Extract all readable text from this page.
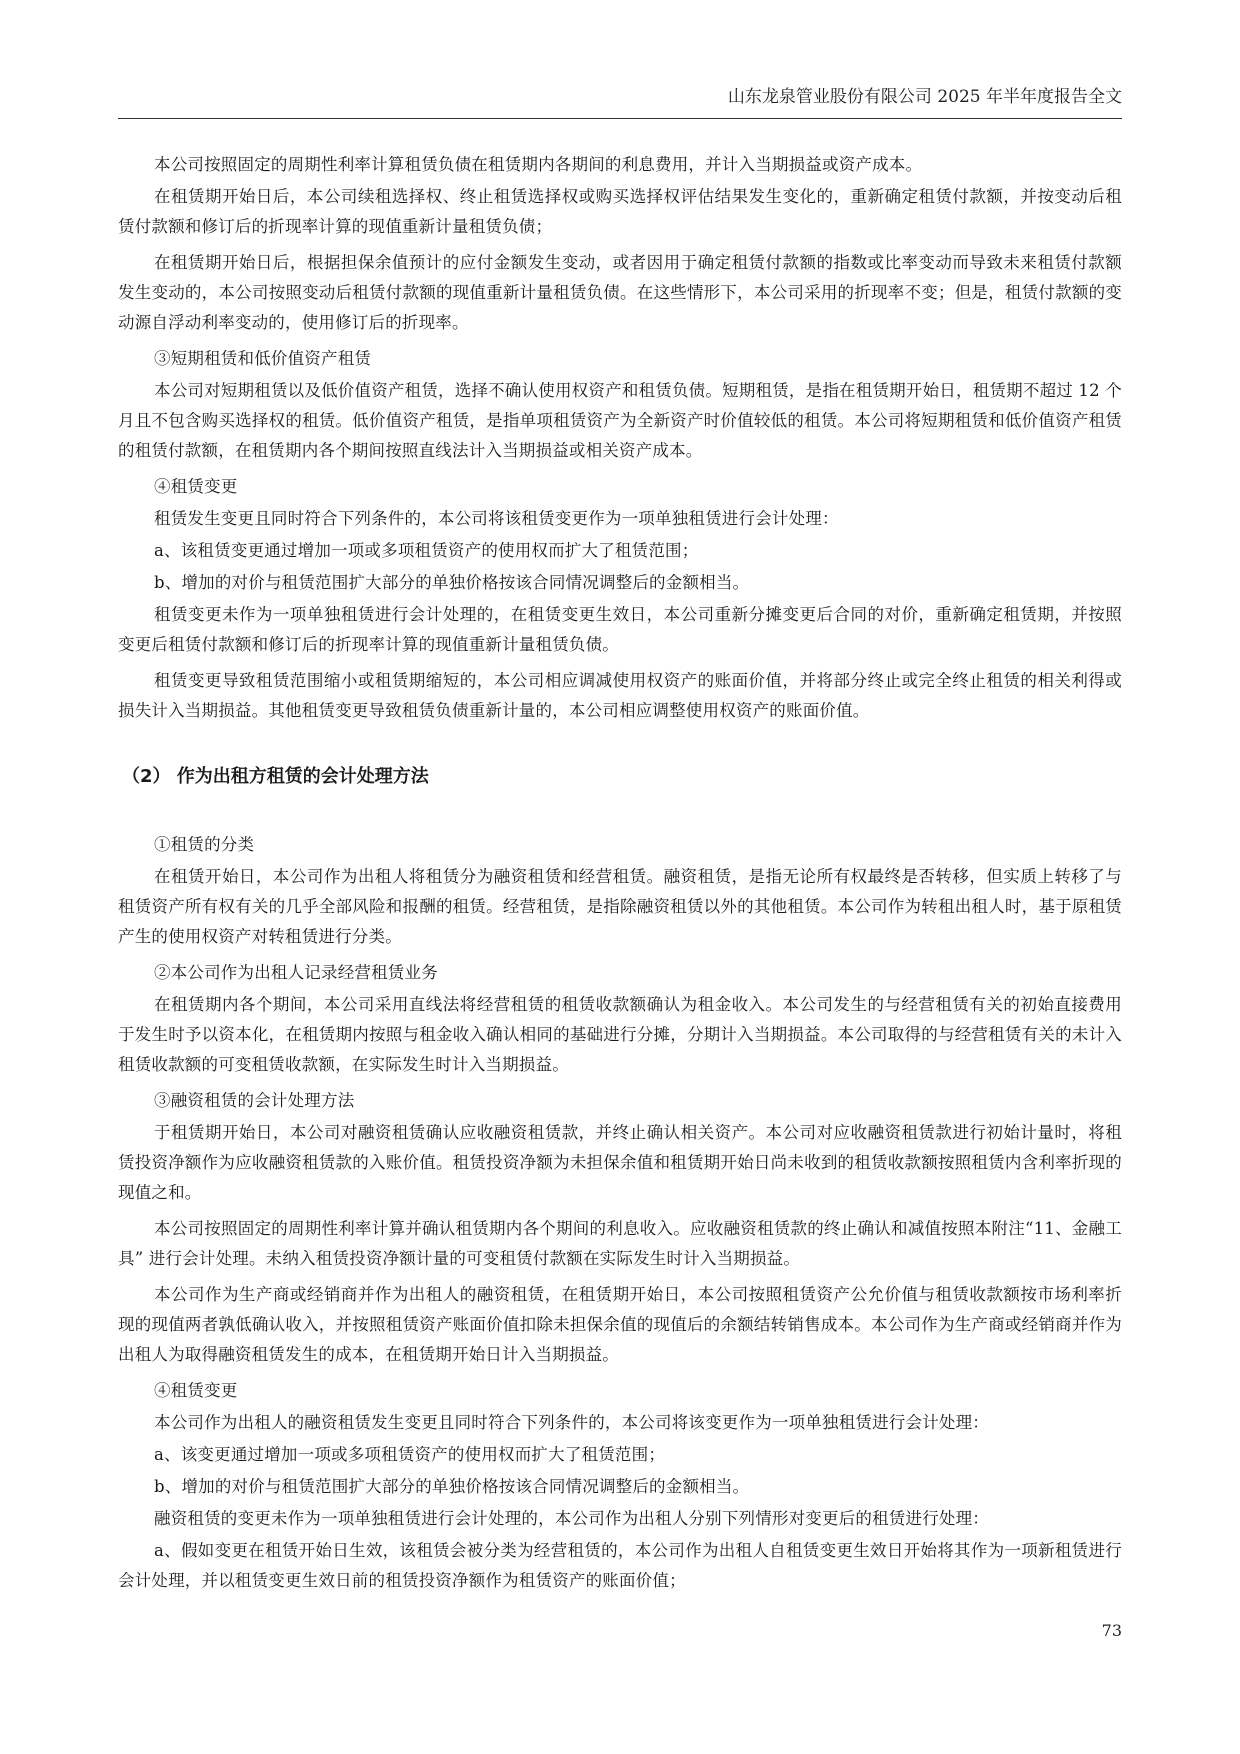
山东龙泉管业股份有限公司 2025 年半年度报告全文

本公司按照固定的周期性利率计算租赁负债在租赁期内各期间的利息费用，并计入当期损益或资产成本。

在租赁期开始日后，本公司续租选择权、终止租赁选择权或购买选择权评估结果发生变化的，重新确定租赁付款额，并按变动后租赁付款额和修订后的折现率计算的现值重新计量租赁负债；

在租赁期开始日后，根据担保余值预计的应付金额发生变动，或者因用于确定租赁付款额的指数或比率变动而导致未来租赁付款额发生变动的，本公司按照变动后租赁付款额的现值重新计量租赁负债。在这些情形下，本公司采用的折现率不变；但是，租赁付款额的变动源自浮动利率变动的，使用修订后的折现率。

③短期租赁和低价值资产租赁

本公司对短期租赁以及低价值资产租赁，选择不确认使用权资产和租赁负债。短期租赁，是指在租赁期开始日，租赁期不超过 12 个月且不包含购买选择权的租赁。低价值资产租赁，是指单项租赁资产为全新资产时价值较低的租赁。本公司将短期租赁和低价值资产租赁的租赁付款额，在租赁期内各个期间按照直线法计入当期损益或相关资产成本。

④租赁变更

租赁发生变更且同时符合下列条件的，本公司将该租赁变更作为一项单独租赁进行会计处理：

a、该租赁变更通过增加一项或多项租赁资产的使用权而扩大了租赁范围；

b、增加的对价与租赁范围扩大部分的单独价格按该合同情况调整后的金额相当。

租赁变更未作为一项单独租赁进行会计处理的，在租赁变更生效日，本公司重新分摊变更后合同的对价，重新确定租赁期，并按照变更后租赁付款额和修订后的折现率计算的现值重新计量租赁负债。

租赁变更导致租赁范围缩小或租赁期缩短的，本公司相应调减使用权资产的账面价值，并将部分终止或完全终止租赁的相关利得或损失计入当期损益。其他租赁变更导致租赁负债重新计量的，本公司相应调整使用权资产的账面价值。

（2） 作为出租方租赁的会计处理方法

①租赁的分类

在租赁开始日，本公司作为出租人将租赁分为融资租赁和经营租赁。融资租赁，是指无论所有权最终是否转移，但实质上转移了与租赁资产所有权有关的几乎全部风险和报酬的租赁。经营租赁，是指除融资租赁以外的其他租赁。本公司作为转租出租人时，基于原租赁产生的使用权资产对转租赁进行分类。

②本公司作为出租人记录经营租赁业务

在租赁期内各个期间，本公司采用直线法将经营租赁的租赁收款额确认为租金收入。本公司发生的与经营租赁有关的初始直接费用于发生时予以资本化，在租赁期内按照与租金收入确认相同的基础进行分摊，分期计入当期损益。本公司取得的与经营租赁有关的未计入租赁收款额的可变租赁收款额，在实际发生时计入当期损益。

③融资租赁的会计处理方法

于租赁期开始日，本公司对融资租赁确认应收融资租赁款，并终止确认相关资产。本公司对应收融资租赁款进行初始计量时，将租赁投资净额作为应收融资租赁款的入账价值。租赁投资净额为未担保余值和租赁期开始日尚未收到的租赁收款额按照租赁内含利率折现的现值之和。

本公司按照固定的周期性利率计算并确认租赁期内各个期间的利息收入。应收融资租赁款的终止确认和减值按照本附注“11、金融工具” 进行会计处理。未纳入租赁投资净额计量的可变租赁付款额在实际发生时计入当期损益。

本公司作为生产商或经销商并作为出租人的融资租赁，在租赁期开始日，本公司按照租赁资产公允价值与租赁收款额按市场利率折现的现值两者孰低确认收入，并按照租赁资产账面价值扣除未担保余值的现值后的余额结转销售成本。本公司作为生产商或经销商并作为出租人为取得融资租赁发生的成本，在租赁期开始日计入当期损益。

④租赁变更

本公司作为出租人的融资租赁发生变更且同时符合下列条件的，本公司将该变更作为一项单独租赁进行会计处理：

a、该变更通过增加一项或多项租赁资产的使用权而扩大了租赁范围；

b、增加的对价与租赁范围扩大部分的单独价格按该合同情况调整后的金额相当。

融资租赁的变更未作为一项单独租赁进行会计处理的，本公司作为出租人分别下列情形对变更后的租赁进行处理：

a、假如变更在租赁开始日生效，该租赁会被分类为经营租赁的，本公司作为出租人自租赁变更生效日开始将其作为一项新租赁进行会计处理，并以租赁变更生效日前的租赁投资净额作为租赁资产的账面价值；

73
